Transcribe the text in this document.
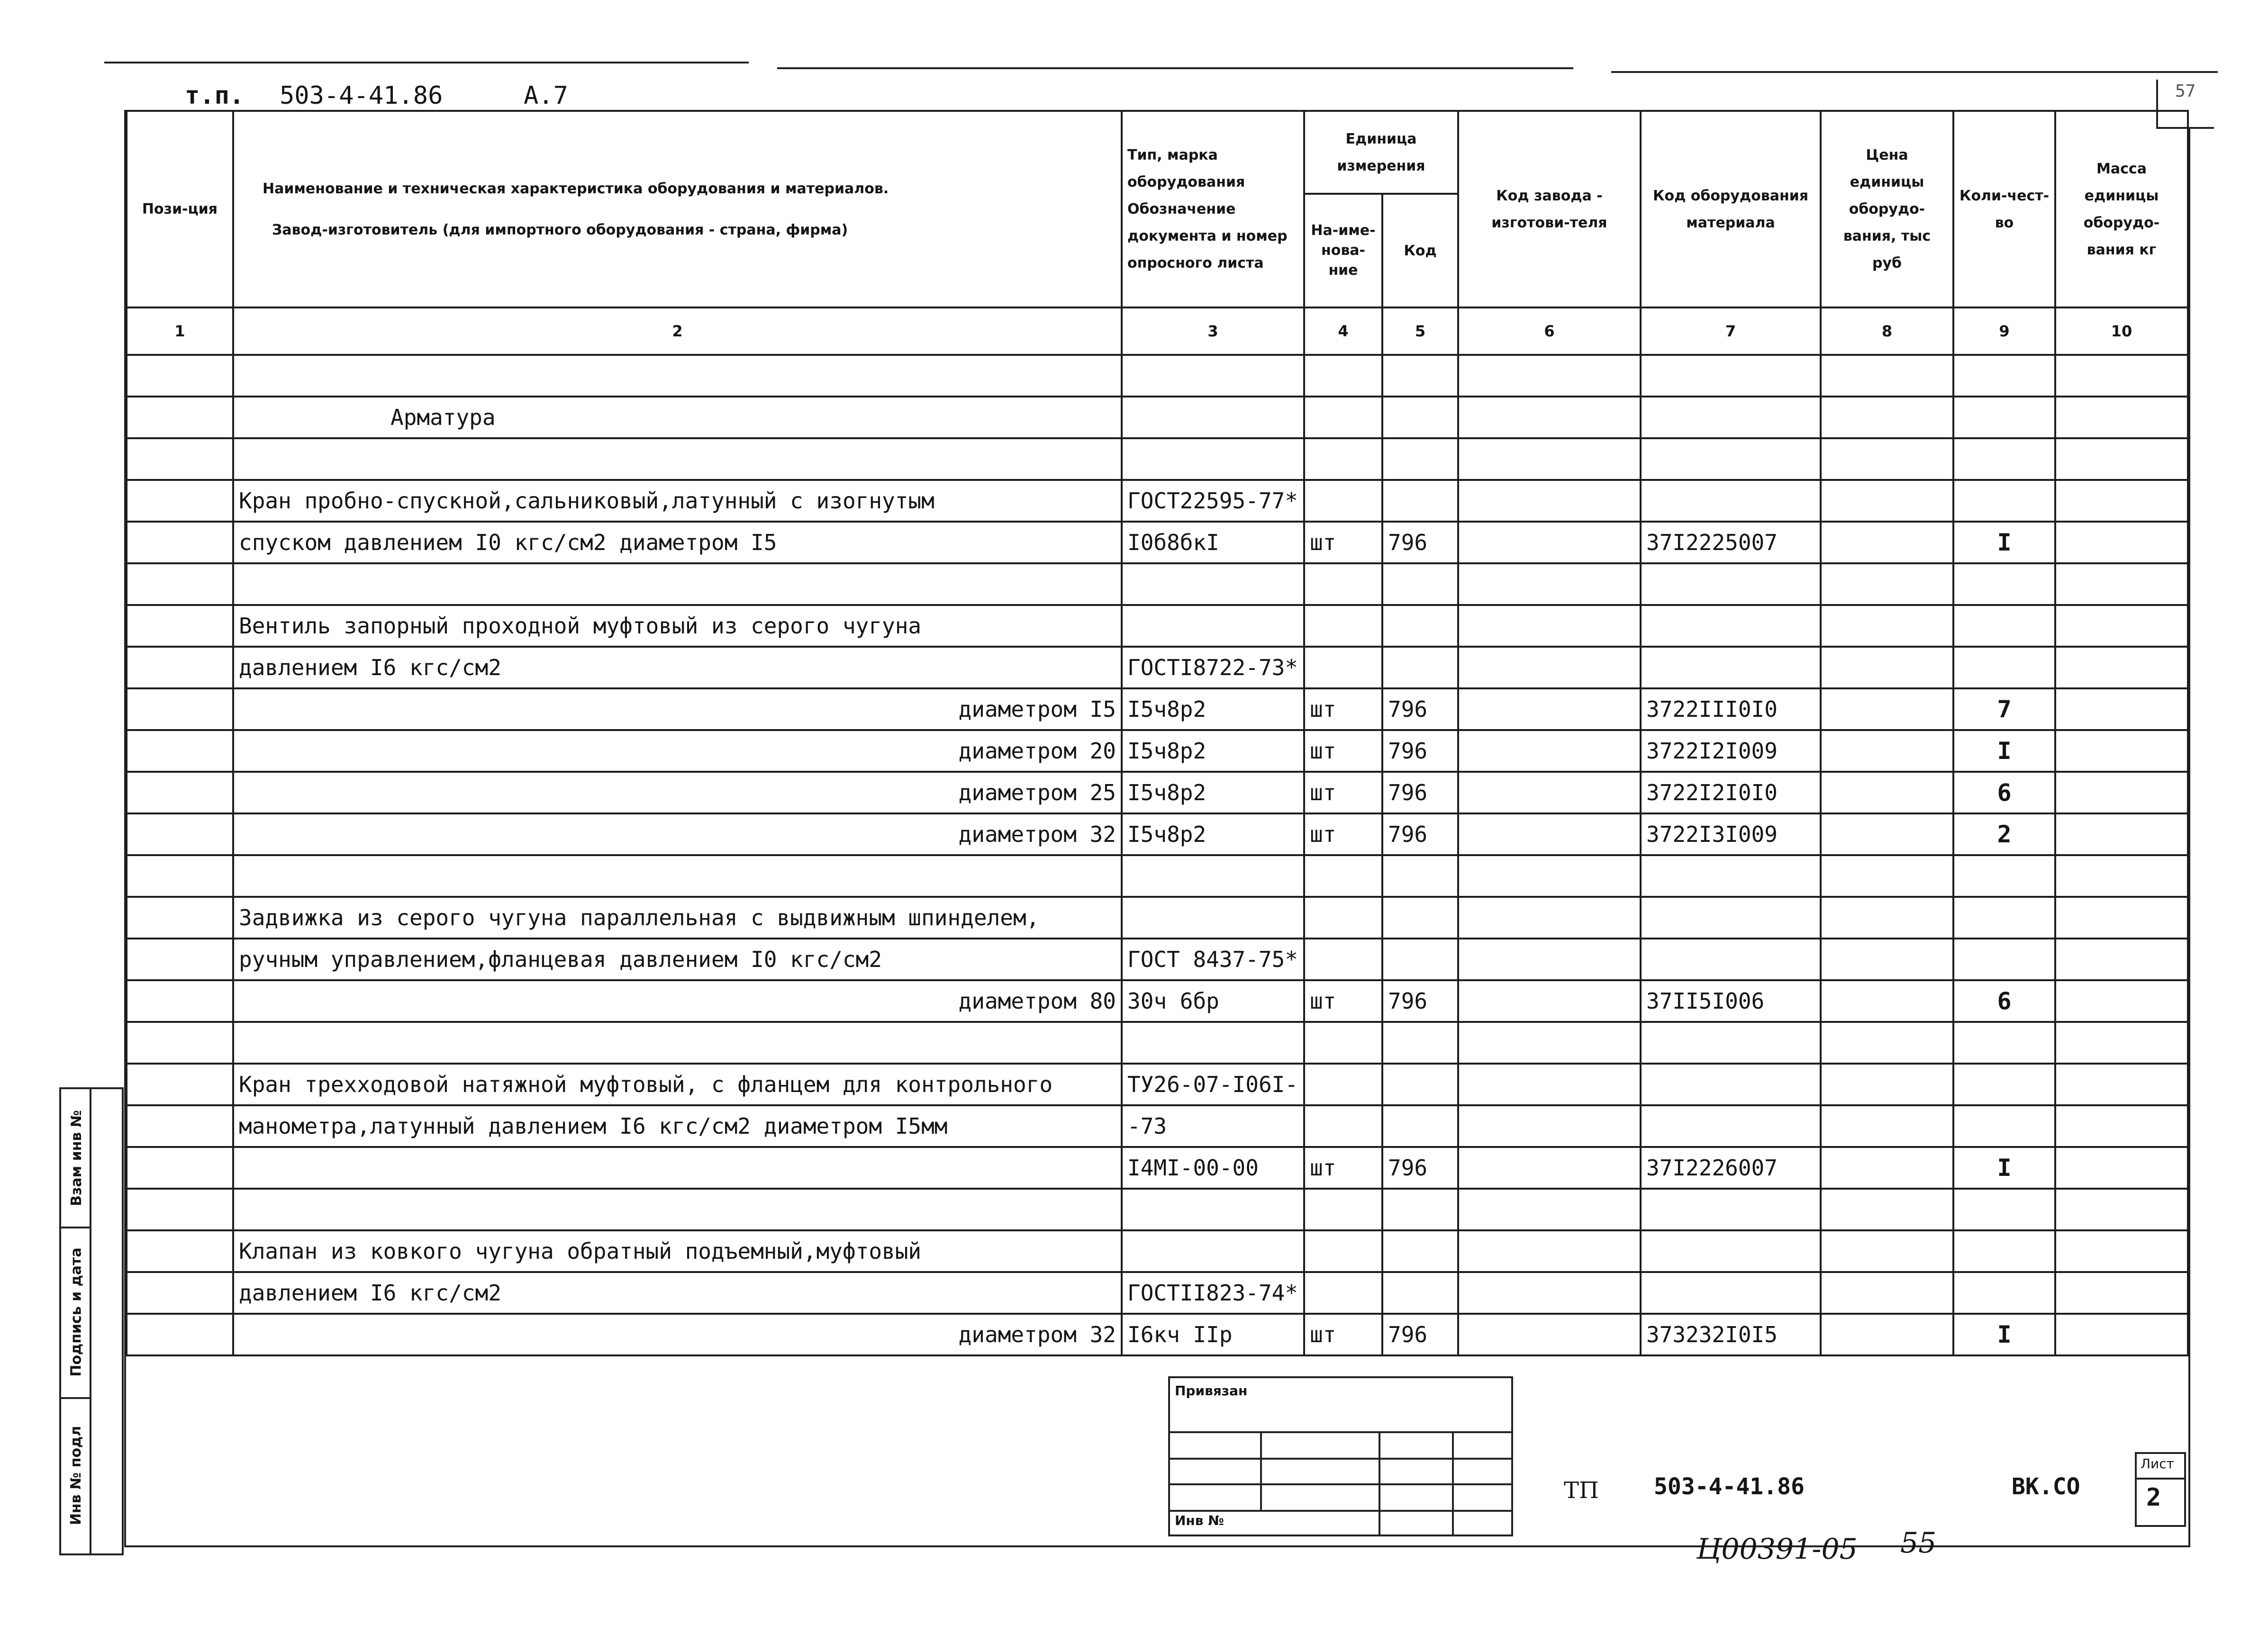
57
т.п. 503-4-41.86	А.7
Пози-ция	Наименование и техническая характеристика оборудования и материалов.
Завод-изготовитель (для импортного оборудования - страна, фирма)	Тип, марка оборудования Обозначение документа и номер опросного листа	Единица измерения		Код завода - изготови-теля	Код оборудования материала	Цена единицы оборудо-вания, тыс руб	Коли-чест-во	Масса единицы оборудо-вания кг
			На-име-нова-ние	Код					
1	2	3	4	5	6	7	8	9	10

	Арматура								

	Кран пробно-спускной,сальниковый,латунный с изогнутым	ГОСТ22595-77*							
	спуском давлением I0 кгс/см2 диаметром I5	I0б8бкI	шт	796		37I2225007		I	

	Вентиль запорный проходной муфтовый из серого чугуна								
	давлением I6 кгс/см2	ГОСТI8722-73*							
	диаметром I5	I5ч8р2	шт	796		3722III0I0		7	
	диаметром 20	I5ч8р2	шт	796		3722I2I009		I	
	диаметром 25	I5ч8р2	шт	796		3722I2I0I0		6	
	диаметром 32	I5ч8р2	шт	796		3722I3I009		2	

	Задвижка из серого чугуна параллельная с выдвижным шпинделем,								
	ручным управлением,фланцевая давлением I0 кгс/см2	ГОСТ 8437-75*							
	диаметром 80	30ч 6бр	шт	796		37II5I006		6	

	Кран трехходовой натяжной муфтовый, с фланцем для контрольного	ТУ26-07-I06I-							
	манометра,латунный давлением I6 кгс/см2 диаметром I5мм	-73							
		I4МI-00-00	шт	796		37I2226007		I	

	Клапан из ковкого чугуна обратный подъемный,муфтовый								
	давлением I6 кгс/см2	ГОСТII823-74*							
	диаметром 32	I6кч IIр	шт	796		373232I0I5		I	
Взам инв №
Подпись и дата
Инв № подл
Привязан
Инв №
ТП 503-4-41.86	ВК.СО
Лист
2
Ц00391-05 55
